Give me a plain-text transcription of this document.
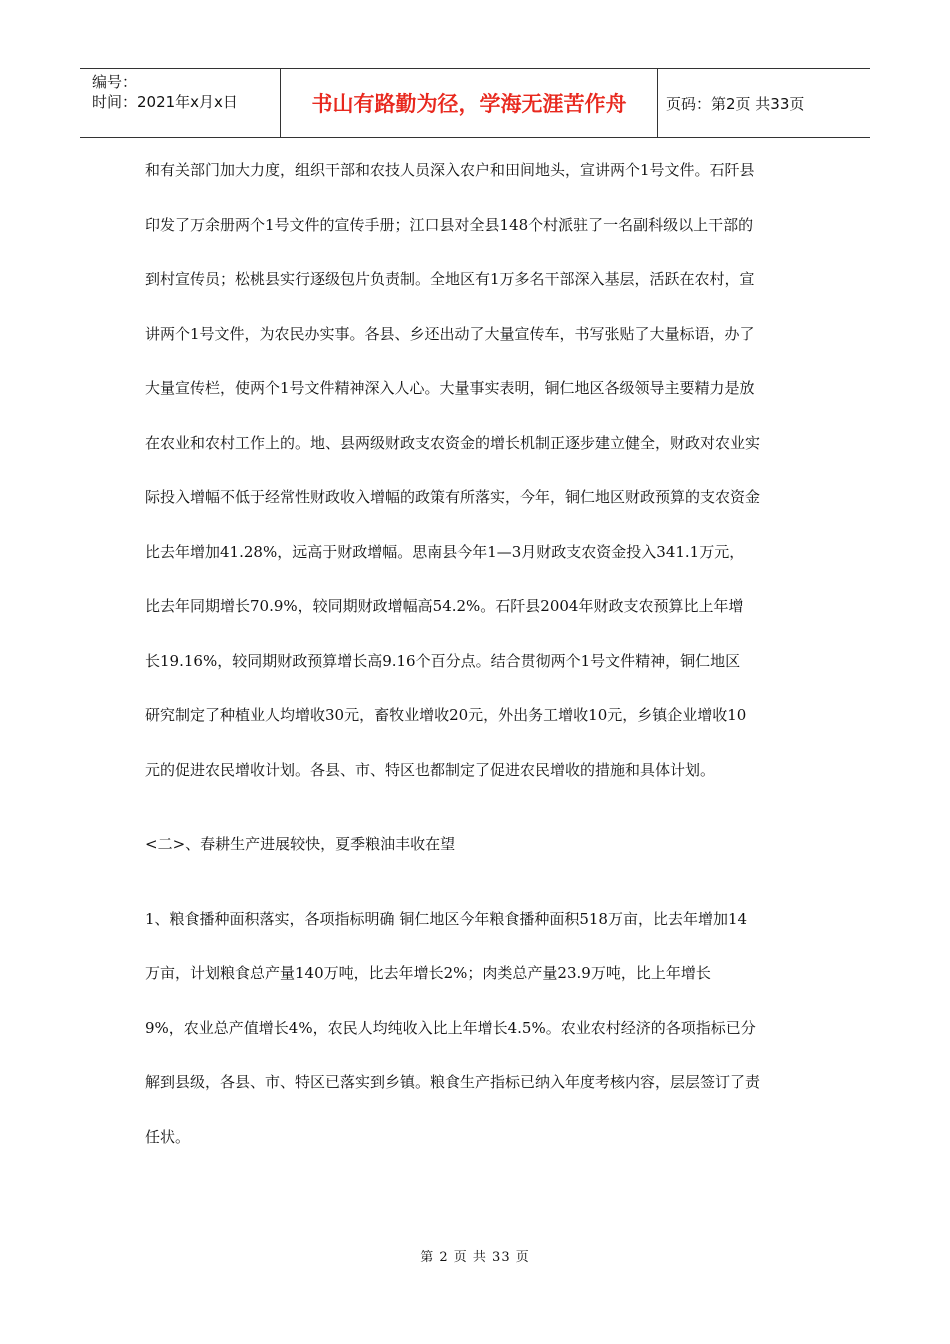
编号：
时间：2021年x月x日	书山有路勤为径，学海无涯苦作舟	页码：第2页 共33页
和有关部门加大力度，组织干部和农技人员深入农户和田间地头，宣讲两个1号文件。石阡县
印发了万余册两个1号文件的宣传手册；江口县对全县148个村派驻了一名副科级以上干部的
到村宣传员；松桃县实行逐级包片负责制。全地区有1万多名干部深入基层，活跃在农村，宣
讲两个1号文件，为农民办实事。各县、乡还出动了大量宣传车，书写张贴了大量标语，办了
大量宣传栏，使两个1号文件精神深入人心。大量事实表明，铜仁地区各级领导主要精力是放
在农业和农村工作上的。地、县两级财政支农资金的增长机制正逐步建立健全，财政对农业实
际投入增幅不低于经常性财政收入增幅的政策有所落实，今年，铜仁地区财政预算的支农资金
比去年增加41.28%，远高于财政增幅。思南县今年1—3月财政支农资金投入341.1万元，
比去年同期增长70.9%，较同期财政增幅高54.2%。石阡县2004年财政支农预算比上年增
长19.16%，较同期财政预算增长高9.16个百分点。结合贯彻两个1号文件精神，铜仁地区
研究制定了种植业人均增收30元，畜牧业增收20元，外出务工增收10元，乡镇企业增收10
元的促进农民增收计划。各县、市、特区也都制定了促进农民增收的措施和具体计划。
<二>、春耕生产进展较快，夏季粮油丰收在望
1、粮食播种面积落实，各项指标明确 铜仁地区今年粮食播种面积518万亩，比去年增加14
万亩，计划粮食总产量140万吨，比去年增长2%；肉类总产量23.9万吨，比上年增长
9%，农业总产值增长4%，农民人均纯收入比上年增长4.5%。农业农村经济的各项指标已分
解到县级，各县、市、特区已落实到乡镇。粮食生产指标已纳入年度考核内容，层层签订了责
任状。
第 2 页 共 33 页
